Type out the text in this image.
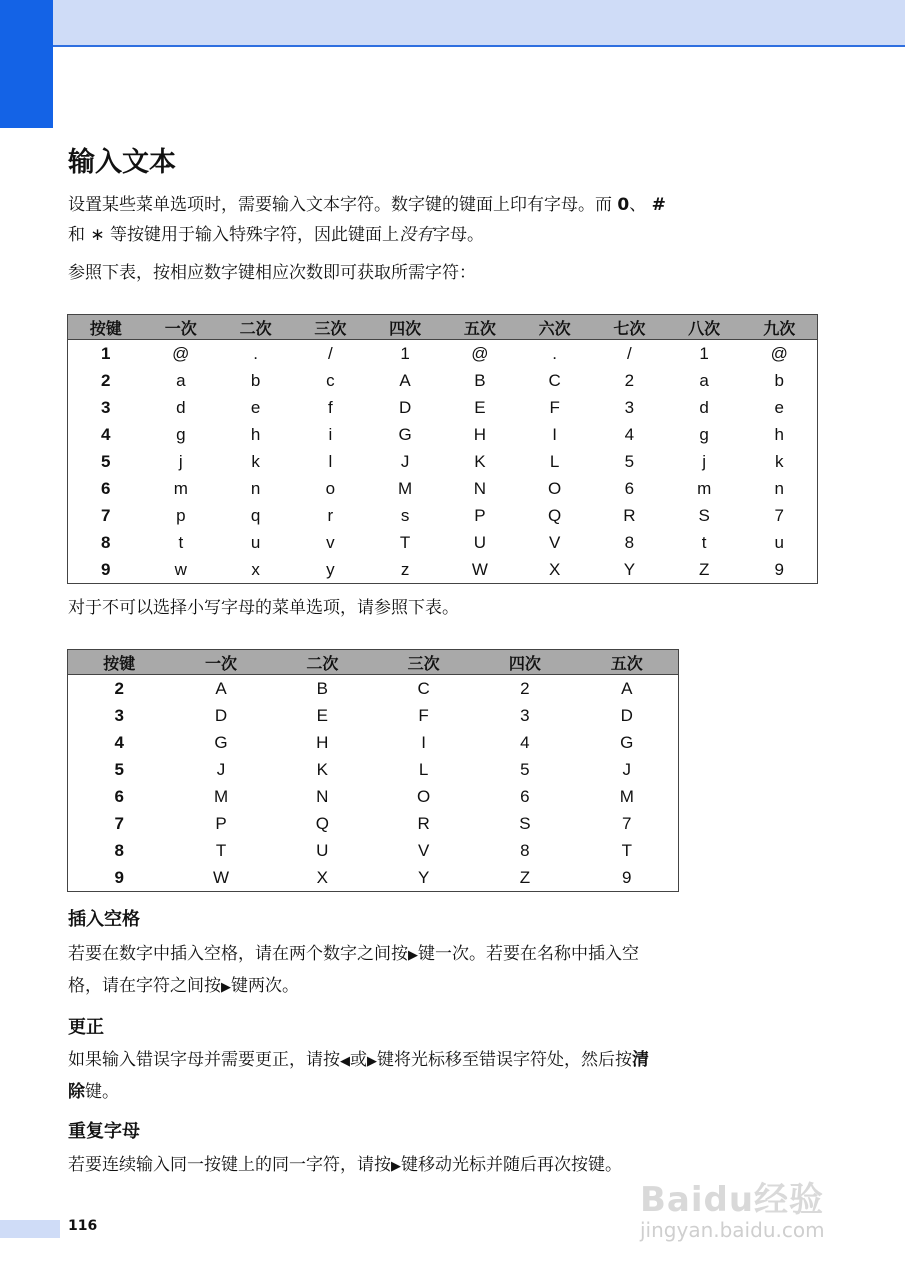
输入文本

设置某些菜单选项时，需要输入文本字符。数字键的键面上印有字母。而 0、 #
和 ∗ 等按键用于输入特殊字符，因此键面上没有字母。

参照下表，按相应数字键相应次数即可获取所需字符：

按键	一次	二次	三次	四次	五次	六次	七次	八次	九次
1	@	.	/	1	@	.	/	1	@
2	a	b	c	A	B	C	2	a	b
3	d	e	f	D	E	F	3	d	e
4	g	h	i	G	H	I	4	g	h
5	j	k	l	J	K	L	5	j	k
6	m	n	o	M	N	O	6	m	n
7	p	q	r	s	P	Q	R	S	7
8	t	u	v	T	U	V	8	t	u
9	w	x	y	z	W	X	Y	Z	9

对于不可以选择小写字母的菜单选项，请参照下表。

按键	一次	二次	三次	四次	五次
2	A	B	C	2	A
3	D	E	F	3	D
4	G	H	I	4	G
5	J	K	L	5	J
6	M	N	O	6	M
7	P	Q	R	S	7
8	T	U	V	8	T
9	W	X	Y	Z	9
插入空格

若要在数字中插入空格，请在两个数字之间按▶键一次。若要在名称中插入空
格，请在字符之间按▶键两次。

更正

如果输入错误字母并需要更正，请按◀或▶键将光标移至错误字符处，然后按清
除键。

重复字母

若要连续输入同一按键上的同一字符，请按▶键移动光标并随后再次按键。

116
Baidu经验
jingyan.baidu.com
